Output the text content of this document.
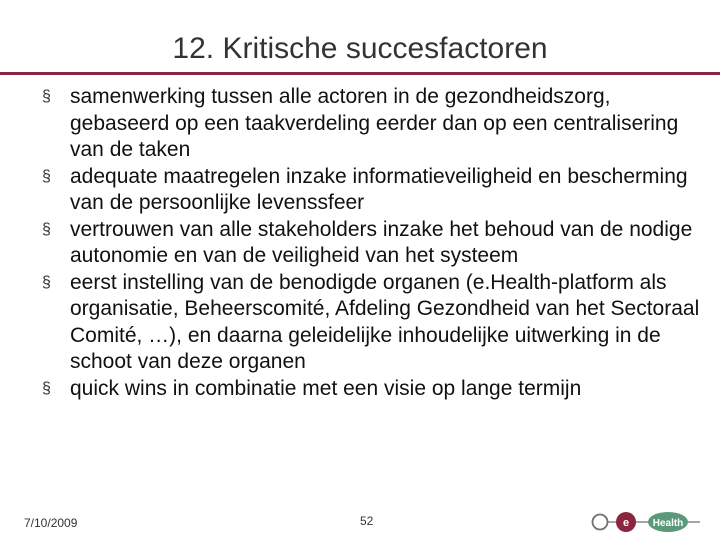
12. Kritische succesfactoren
§ samenwerking tussen alle actoren in de gezondheidszorg, gebaseerd op een taakverdeling eerder dan op een centralisering van de taken
§ adequate maatregelen inzake informatieveiligheid en bescherming van de persoonlijke levenssfeer
§ vertrouwen van alle stakeholders inzake het behoud van de nodige autonomie en van de veiligheid van het systeem
§ eerst instelling van de benodigde organen (e.Health-platform als organisatie, Beheerscomité, Afdeling Gezondheid van het Sectoraal Comité, …), en daarna geleidelijke inhoudelijke uitwerking in de schoot van deze organen
§ quick wins in combinatie met een visie op lange termijn
7/10/2009	52	e Health
